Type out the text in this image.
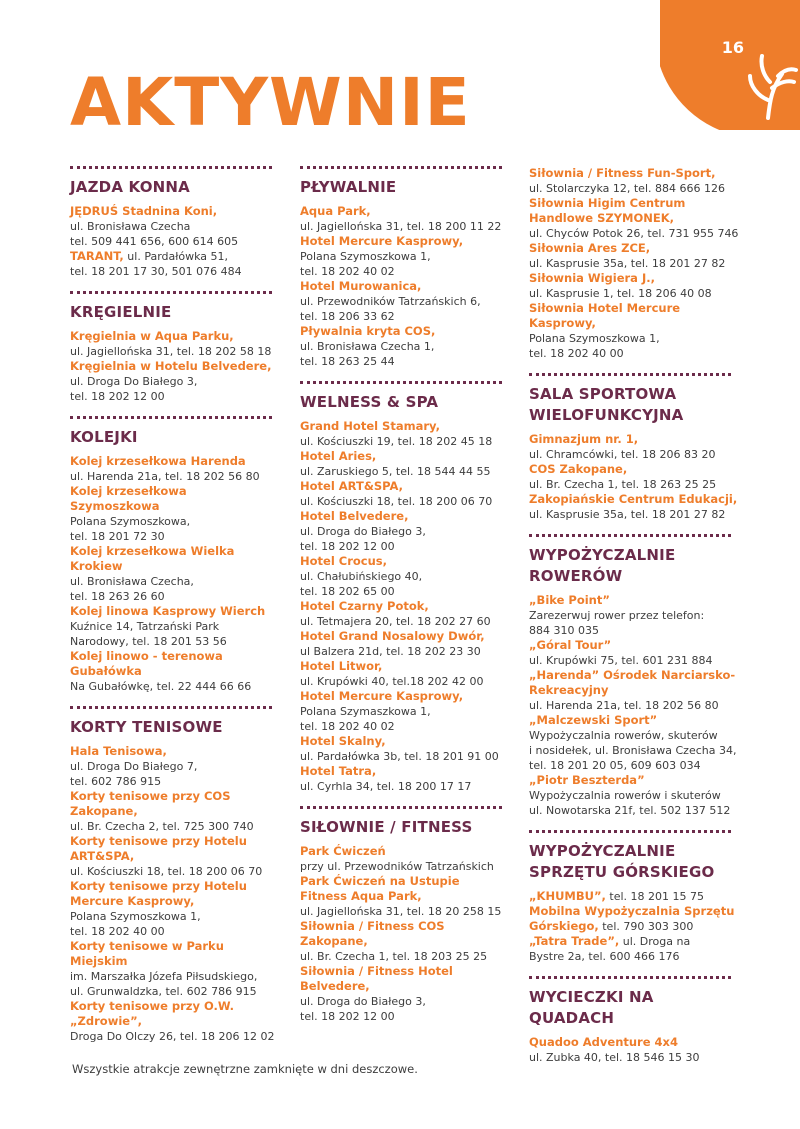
16
AKTYWNIE
JAZDA KONNA
JĘDRUŚ Stadnina Koni,
ul. Bronisława Czecha
tel. 509 441 656, 600 614 605
TARANT, ul. Pardałówka 51,
tel. 18 201 17 30, 501 076 484
KRĘGIELNIE
Kręgielnia w Aqua Parku,
ul. Jagiellońska 31, tel. 18 202 58 18
Kręgielnia w Hotelu Belvedere,
ul. Droga Do Białego 3,
tel. 18 202 12 00
KOLEJKI
Kolej krzesełkowa Harenda
ul. Harenda 21a, tel. 18 202 56 80
Kolej krzesełkowa Szymoszkowa
Polana Szymoszkowa,
tel. 18 201 72 30
Kolej krzesełkowa Wielka Krokiew
ul. Bronisława Czecha,
tel. 18 263 26 60
Kolej linowa Kasprowy Wierch
Kuźnice 14, Tatrzański Park
Narodowy, tel. 18 201 53 56
Kolej linowo - terenowa
Gubałówka
Na Gubałówkę, tel. 22 444 66 66
KORTY TENISOWE
Hala Tenisowa,
ul. Droga Do Białego 7,
tel. 602 786 915
Korty tenisowe przy COS
Zakopane,
ul. Br. Czecha 2, tel. 725 300 740
Korty tenisowe przy Hotelu
ART&SPA,
ul. Kościuszki 18, tel. 18 200 06 70
Korty tenisowe przy Hotelu
Mercure Kasprowy,
Polana Szymoszkowa 1,
tel. 18 202 40 00
Korty tenisowe w Parku Miejskim
im. Marszałka Józefa Piłsudskiego,
ul. Grunwaldzka, tel. 602 786 915
Korty tenisowe przy O.W.
„Zdrowie”,
Droga Do Olczy 26, tel. 18 206 12 02
PŁYWALNIE
Aqua Park,
ul. Jagiellońska 31, tel. 18 200 11 22
Hotel Mercure Kasprowy,
Polana Szymoszkowa 1,
tel. 18 202 40 02
Hotel Murowanica,
ul. Przewodników Tatrzańskich 6,
tel. 18 206 33 62
Pływalnia kryta COS,
ul. Bronisława Czecha 1,
tel. 18 263 25 44
WELNESS & SPA
Grand Hotel Stamary,
ul. Kościuszki 19, tel. 18 202 45 18
Hotel Aries,
ul. Zaruskiego 5, tel. 18 544 44 55
Hotel ART&SPA,
ul. Kościuszki 18, tel. 18 200 06 70
Hotel Belvedere,
ul. Droga do Białego 3,
tel. 18 202 12 00
Hotel Crocus,
ul. Chałubińskiego 40,
tel. 18 202 65 00
Hotel Czarny Potok,
ul. Tetmajera 20, tel. 18 202 27 60
Hotel Grand Nosalowy Dwór,
ul Balzera 21d, tel. 18 202 23 30
Hotel Litwor,
ul. Krupówki 40, tel.18 202 42 00
Hotel Mercure Kasprowy,
Polana Szymaszkowa 1,
tel. 18 202 40 02
Hotel Skalny,
ul. Pardałówka 3b, tel. 18 201 91 00
Hotel Tatra,
ul. Cyrhla 34, tel. 18 200 17 17
SIŁOWNIE / FITNESS
Park Ćwiczeń
przy ul. Przewodników Tatrzańskich
Park Ćwiczeń na Ustupie
Fitness Aqua Park,
ul. Jagiellońska 31, tel. 18 20 258 15
Siłownia / Fitness COS Zakopane,
ul. Br. Czecha 1, tel. 18 203 25 25
Siłownia / Fitness Hotel
Belvedere,
ul. Droga do Białego 3,
tel. 18 202 12 00
Siłownia / Fitness Fun-Sport,
ul. Stolarczyka 12, tel. 884 666 126
Siłownia Higim Centrum
Handlowe SZYMONEK,
ul. Chyców Potok 26, tel. 731 955 746
Siłownia Ares ZCE,
ul. Kasprusie 35a, tel. 18 201 27 82
Siłownia Wigiera J.,
ul. Kasprusie 1, tel. 18 206 40 08
Siłownia Hotel Mercure
Kasprowy,
Polana Szymoszkowa 1,
tel. 18 202 40 00
SALA SPORTOWA WIELOFUNKCYJNA
Gimnazjum nr. 1,
ul. Chramcówki, tel. 18 206 83 20
COS Zakopane,
ul. Br. Czecha 1, tel. 18 263 25 25
Zakopiańskie Centrum Edukacji,
ul. Kasprusie 35a, tel. 18 201 27 82
WYPOŻYCZALNIE ROWERÓW
„Bike Point”
Zarezerwuj rower przez telefon:
884 310 035
„Góral Tour”
ul. Krupówki 75, tel. 601 231 884
„Harenda” Ośrodek Narciarsko-
Rekreacyjny
ul. Harenda 21a, tel. 18 202 56 80
„Malczewski Sport”
Wypożyczalnia rowerów, skuterów
i nosidełek, ul. Bronisława Czecha 34,
tel. 18 201 20 05, 609 603 034
„Piotr Beszterda”
Wypożyczalnia rowerów i skuterów
ul. Nowotarska 21f, tel. 502 137 512
WYPOŻYCZALNIE SPRZĘTU GÓRSKIEGO
„KHUMBU”, tel. 18 201 15 75
Mobilna Wypożyczalnia Sprzętu
Górskiego, tel. 790 303 300
„Tatra Trade”, ul. Droga na
Bystre 2a, tel. 600 466 176
WYCIECZKI NA QUADACH
Quadoo Adventure 4x4
ul. Zubka 40, tel. 18 546 15 30
Wszystkie atrakcje zewnętrzne zamknięte w dni deszczowe.
